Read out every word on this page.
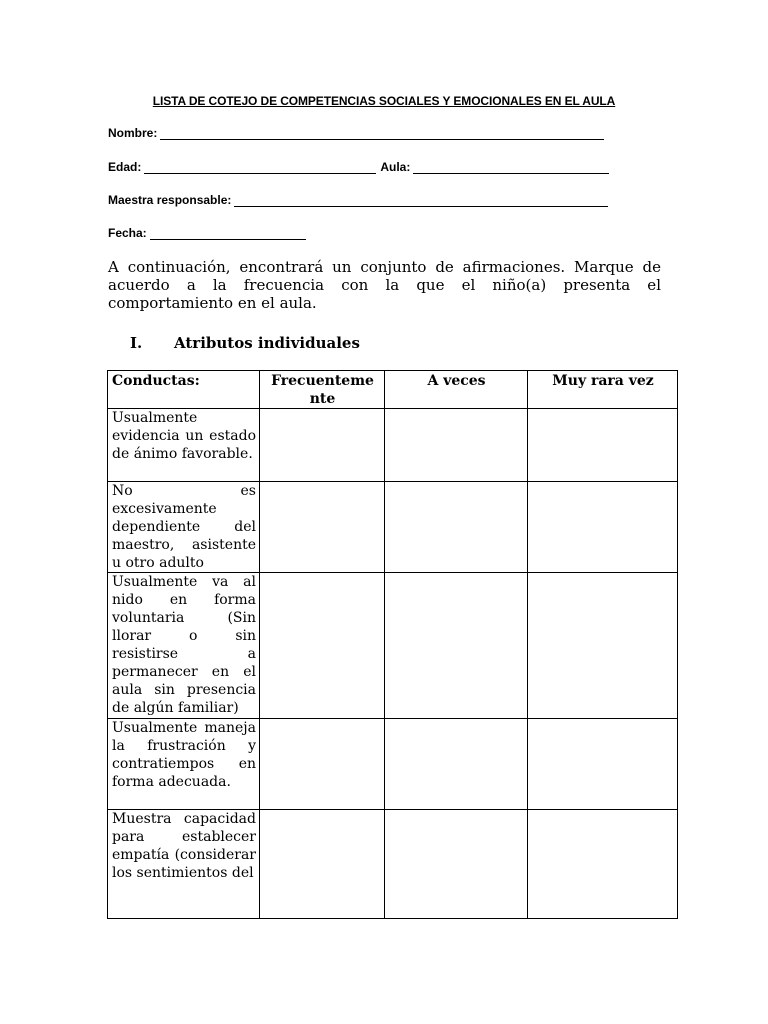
LISTA DE COTEJO DE COMPETENCIAS SOCIALES Y EMOCIONALES EN EL AULA
Nombre:
Edad:	Aula:
Maestra responsable:
Fecha:
A continuación, encontrará un conjunto de afirmaciones. Marque de acuerdo a la frecuencia con la que el niño(a) presenta el comportamiento en el aula.
I.	Atributos individuales
Conductas:	Frecuenteme nte	A veces	Muy rara vez
Usualmente evidencia un estado de ánimo favorable.			
No es excesivamente dependiente del maestro, asistente u otro adulto			
Usualmente va al nido en forma voluntaria (Sin llorar o sin resistirse a permanecer en el aula sin presencia de algún familiar)			
Usualmente maneja la frustración y contratiempos en forma adecuada.			

Muestra capacidad para establecer empatía (considerar los sentimientos del			
